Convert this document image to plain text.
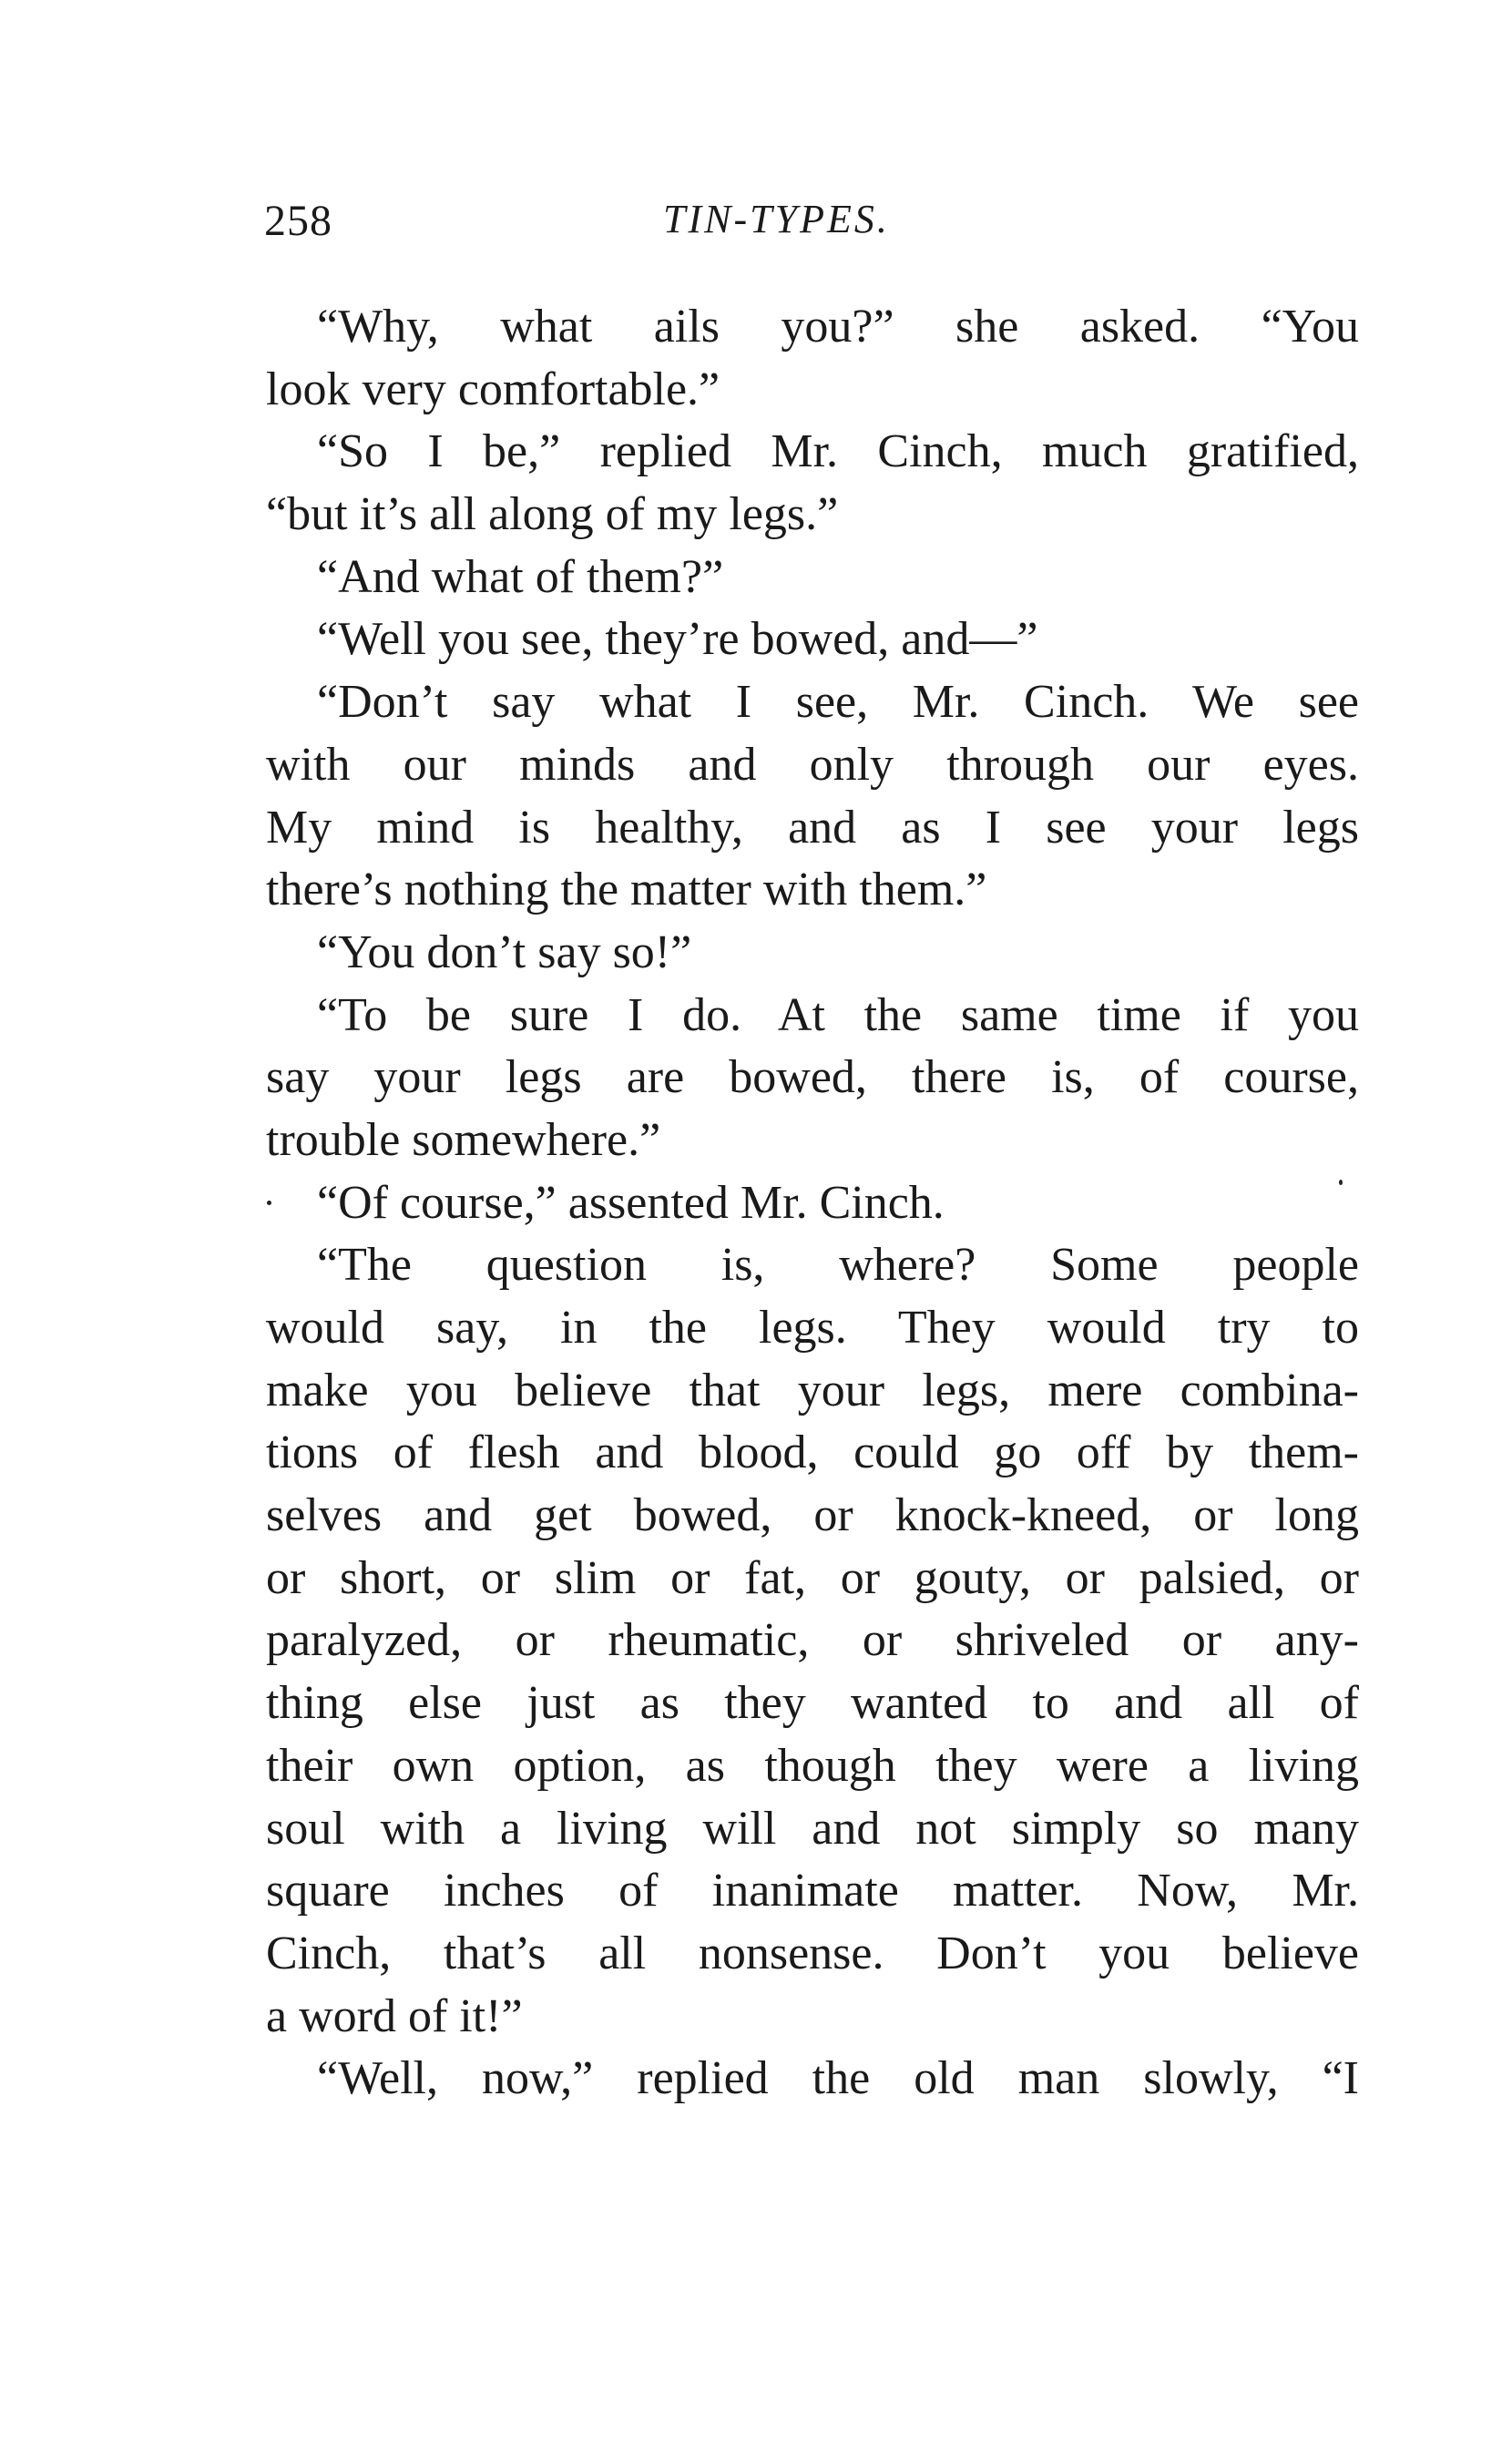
258	TIN-TYPES.
“Why, what ails you?” she asked. “You
look very comfortable.”
“So I be,” replied Mr. Cinch, much gratified,
“but it’s all along of my legs.”
“And what of them?”
“Well you see, they’re bowed, and—”
“Don’t say what I see, Mr. Cinch. We see
with our minds and only through our eyes.
My mind is healthy, and as I see your legs
there’s nothing the matter with them.”
“You don’t say so!”
“To be sure I do. At the same time if you
say your legs are bowed, there is, of course,
trouble somewhere.”
“Of course,” assented Mr. Cinch.
“The question is, where? Some people
would say, in the legs. They would try to
make you believe that your legs, mere combina-
tions of flesh and blood, could go off by them-
selves and get bowed, or knock-kneed, or long
or short, or slim or fat, or gouty, or palsied, or
paralyzed, or rheumatic, or shriveled or any-
thing else just as they wanted to and all of
their own option, as though they were a living
soul with a living will and not simply so many
square inches of inanimate matter. Now, Mr.
Cinch, that’s all nonsense. Don’t you believe
a word of it!”
“Well, now,” replied the old man slowly, “I
